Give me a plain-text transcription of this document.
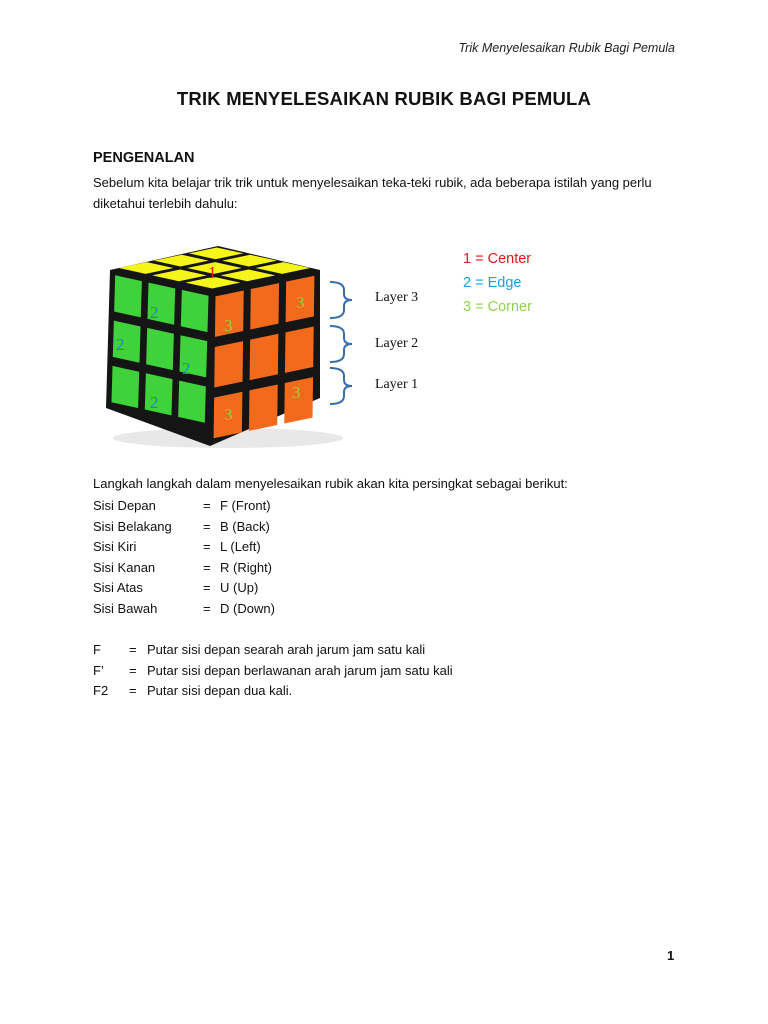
Trik Menyelesaikan Rubik Bagi Pemula
TRIK MENYELESAIKAN RUBIK BAGI PEMULA
PENGENALAN
Sebelum kita belajar trik trik untuk menyelesaikan teka-teki rubik, ada beberapa istilah yang perlu diketahui terlebih dahulu:
1
2
2
2
2
3
3
3
3
Layer 3
Layer 2
Layer 1
1 = Center
2 = Edge
3 = Corner
Langkah langkah dalam menyelesaikan rubik akan kita persingkat sebagai berikut:
Sisi Depan	= F (Front)
Sisi Belakang = B (Back)
Sisi Kiri	= L (Left)
Sisi Kanan	= R (Right)
Sisi Atas	= U (Up)
Sisi Bawah	= D (Down)
F = Putar sisi depan searah arah jarum jam satu kali
F’ = Putar sisi depan berlawanan arah jarum jam satu kali
F2 = Putar sisi depan dua kali.
1
